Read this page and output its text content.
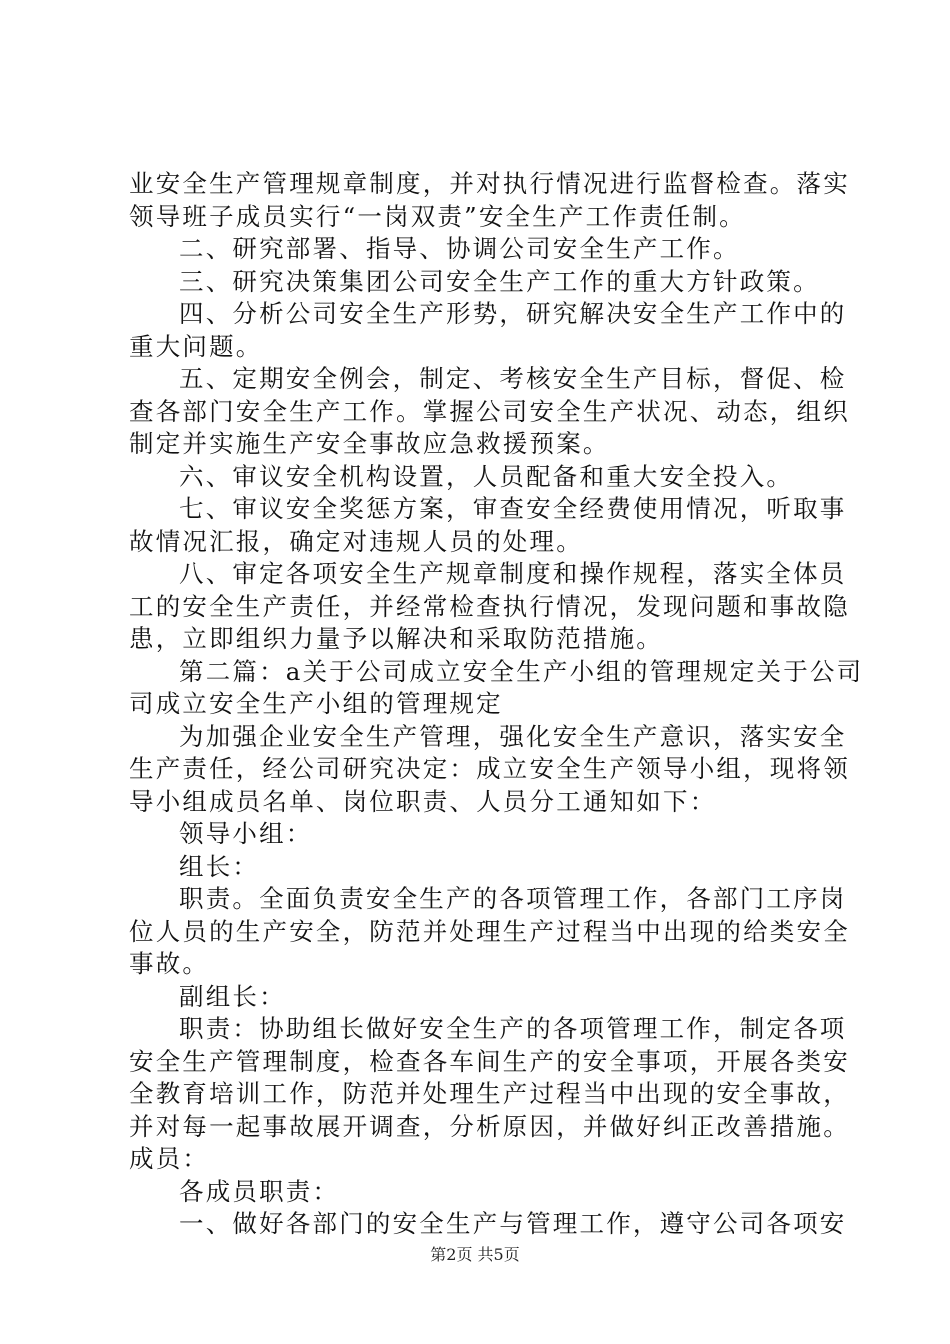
业安全生产管理规章制度，并对执行情况进行监督检查。落实
领导班子成员实行“一岗双责”安全生产工作责任制。
二、研究部署、指导、协调公司安全生产工作。
三、研究决策集团公司安全生产工作的重大方针政策。
四、分析公司安全生产形势，研究解决安全生产工作中的
重大问题。
五、定期安全例会，制定、考核安全生产目标，督促、检
查各部门安全生产工作。掌握公司安全生产状况、动态，组织
制定并实施生产安全事故应急救援预案。
六、审议安全机构设置，人员配备和重大安全投入。
七、审议安全奖惩方案，审查安全经费使用情况，听取事
故情况汇报，确定对违规人员的处理。
八、审定各项安全生产规章制度和操作规程，落实全体员
工的安全生产责任，并经常检查执行情况，发现问题和事故隐
患，立即组织力量予以解决和采取防范措施。
第二篇：a关于公司成立安全生产小组的管理规定关于公司
司成立安全生产小组的管理规定
为加强企业安全生产管理，强化安全生产意识，落实安全
生产责任，经公司研究决定：成立安全生产领导小组，现将领
导小组成员名单、岗位职责、人员分工通知如下：
领导小组：
组长：
职责。全面负责安全生产的各项管理工作，各部门工序岗
位人员的生产安全，防范并处理生产过程当中出现的给类安全
事故。
副组长：
职责：协助组长做好安全生产的各项管理工作，制定各项
安全生产管理制度，检查各车间生产的安全事项，开展各类安
全教育培训工作，防范并处理生产过程当中出现的安全事故，
并对每一起事故展开调查，分析原因，并做好纠正改善措施。
成员：
各成员职责：
一、做好各部门的安全生产与管理工作，遵守公司各项安
第2页 共5页
